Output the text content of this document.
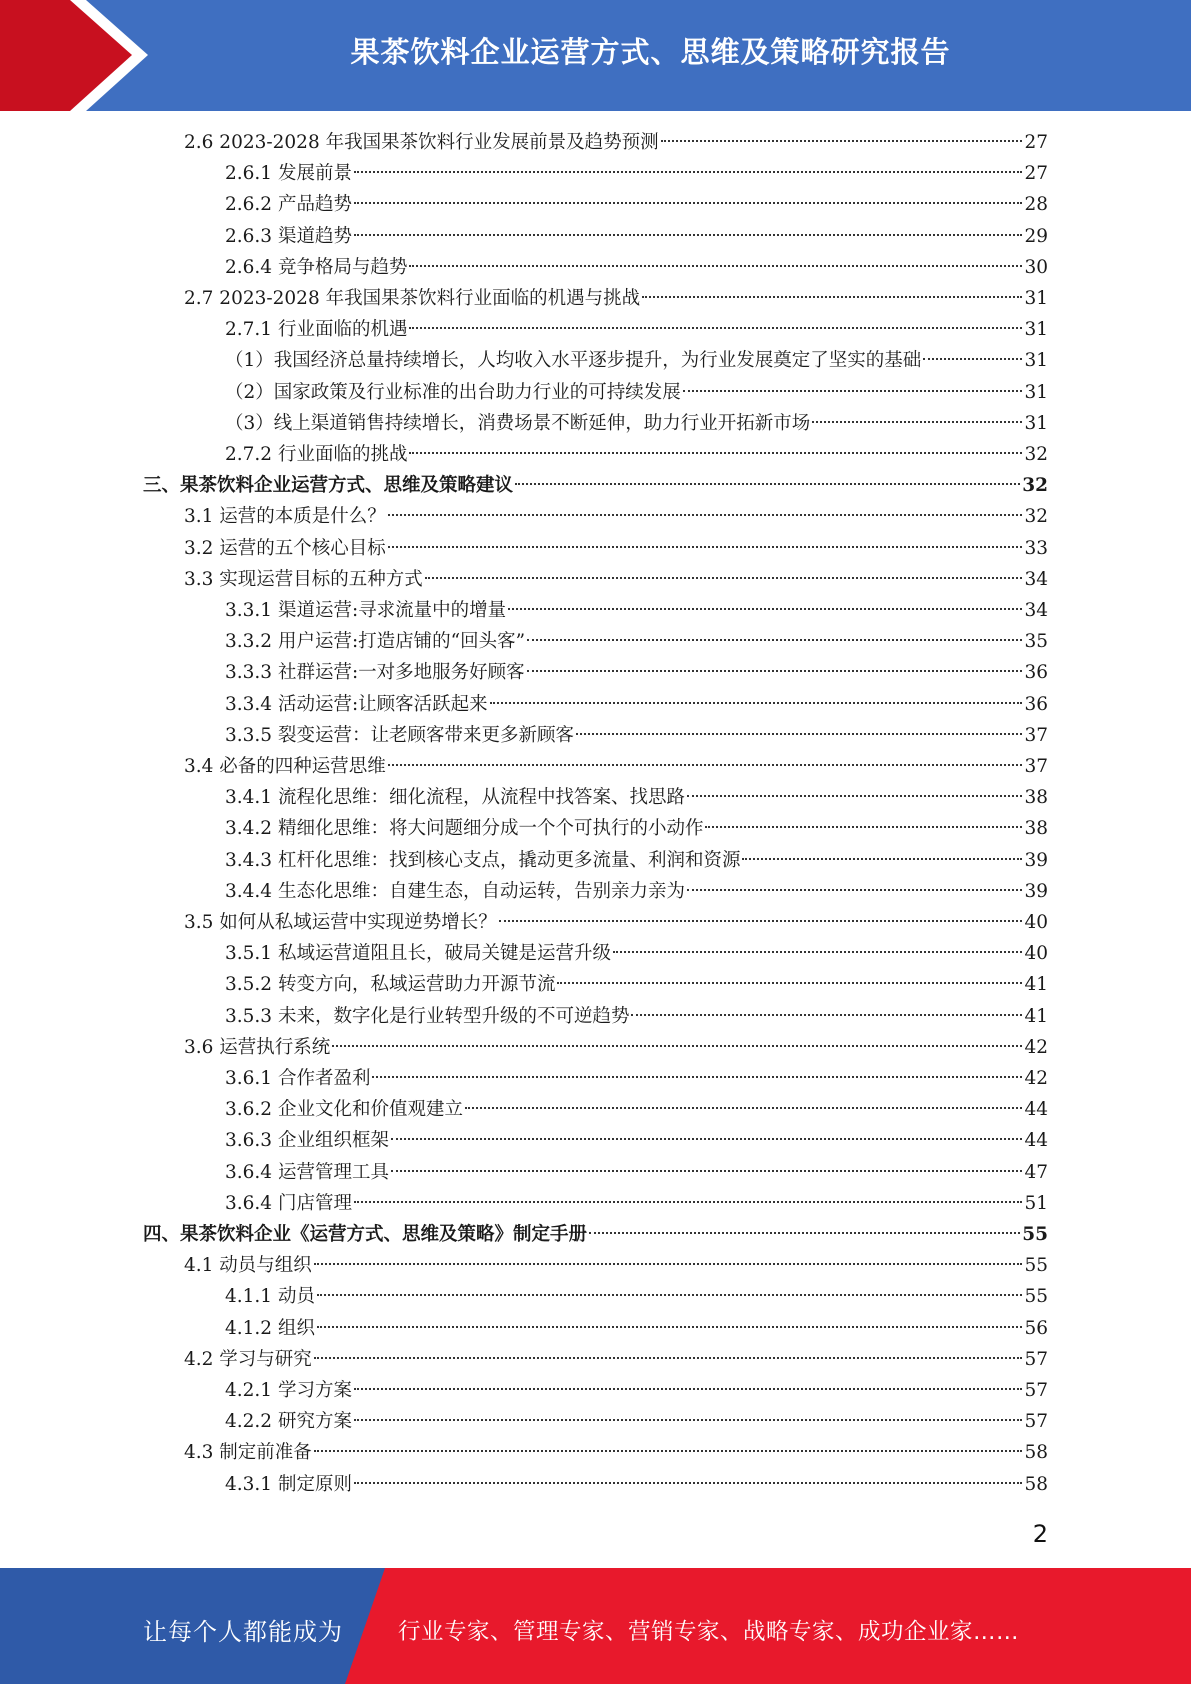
果茶饮料企业运营方式、思维及策略研究报告
2.6 2023-2028 年我国果茶饮料行业发展前景及趋势预测	27
2.6.1 发展前景	27
2.6.2 产品趋势	28
2.6.3 渠道趋势	29
2.6.4 竞争格局与趋势	30
2.7 2023-2028 年我国果茶饮料行业面临的机遇与挑战	31
2.7.1 行业面临的机遇	31
（1）我国经济总量持续增长，人均收入水平逐步提升，为行业发展奠定了坚实的基础	31
（2）国家政策及行业标准的出台助力行业的可持续发展	31
（3）线上渠道销售持续增长，消费场景不断延伸，助力行业开拓新市场	31
2.7.2 行业面临的挑战	32
三、果茶饮料企业运营方式、思维及策略建议	32
3.1 运营的本质是什么？	32
3.2 运营的五个核心目标	33
3.3 实现运营目标的五种方式	34
3.3.1 渠道运营:寻求流量中的增量	34
3.3.2 用户运营:打造店铺的“回头客”	35
3.3.3 社群运营:一对多地服务好顾客	36
3.3.4 活动运营:让顾客活跃起来	36
3.3.5 裂变运营：让老顾客带来更多新顾客	37
3.4 必备的四种运营思维	37
3.4.1 流程化思维：细化流程，从流程中找答案、找思路	38
3.4.2 精细化思维：将大问题细分成一个个可执行的小动作	38
3.4.3 杠杆化思维：找到核心支点，撬动更多流量、利润和资源	39
3.4.4 生态化思维：自建生态，自动运转，告别亲力亲为	39
3.5 如何从私域运营中实现逆势增长？	40
3.5.1 私域运营道阻且长，破局关键是运营升级	40
3.5.2 转变方向，私域运营助力开源节流	41
3.5.3 未来，数字化是行业转型升级的不可逆趋势	41
3.6 运营执行系统	42
3.6.1 合作者盈利	42
3.6.2 企业文化和价值观建立	44
3.6.3 企业组织框架	44
3.6.4 运营管理工具	47
3.6.4 门店管理	51
四、果茶饮料企业《运营方式、思维及策略》制定手册	55
4.1 动员与组织	55
4.1.1 动员	55
4.1.2 组织	56
4.2 学习与研究	57
4.2.1 学习方案	57
4.2.2 研究方案	57
4.3 制定前准备	58
4.3.1 制定原则	58
2
让每个人都能成为 行业专家、管理专家、营销专家、战略专家、成功企业家……
